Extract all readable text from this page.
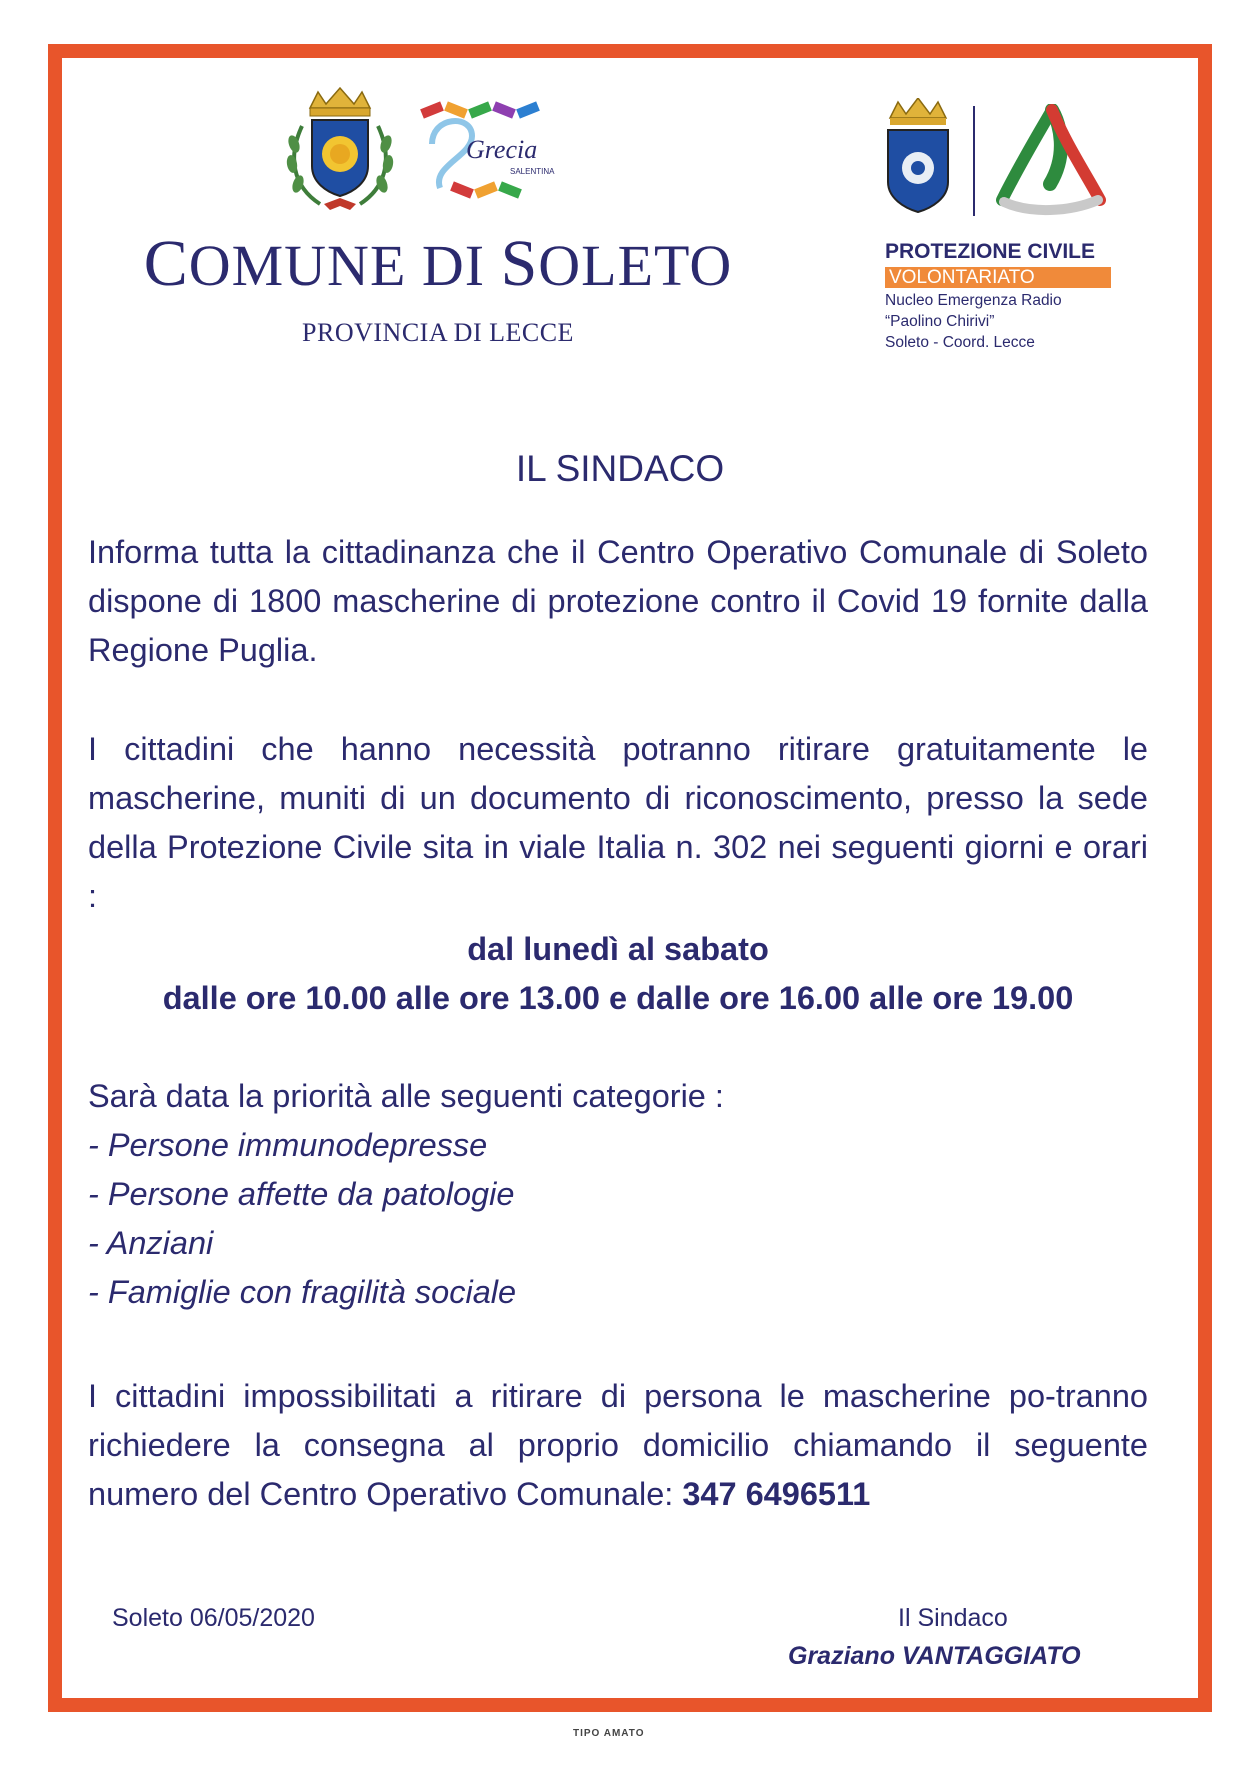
Grecia
SALENTINA
COMUNE DI SOLETO
PROVINCIA DI LECCE
PROTEZIONE CIVILE
VOLONTARIATO
Nucleo Emergenza Radio
“Paolino Chirivi”
Soleto - Coord. Lecce
IL SINDACO
Informa tutta la cittadinanza che il Centro Operativo Comunale di Soleto dispone di 1800 mascherine di protezione contro il Covid 19 fornite dalla Regione Puglia.
I cittadini che hanno necessità potranno ritirare gratuitamente le mascherine, muniti di un documento di riconoscimento, presso la sede della Protezione Civile sita in viale Italia n. 302 nei seguenti giorni e orari :
dal lunedì al sabato
dalle ore 10.00 alle ore 13.00 e dalle ore 16.00 alle ore 19.00
Sarà data la priorità alle seguenti categorie :
- Persone immunodepresse
- Persone affette da patologie
- Anziani
- Famiglie con fragilità sociale
I cittadini impossibilitati a ritirare di persona le mascherine po-tranno richiedere la consegna al proprio domicilio chiamando il seguente numero del Centro Operativo Comunale: 347 6496511
Soleto 06/05/2020	Il Sindaco
Graziano VANTAGGIATO
TIPO AMATO
